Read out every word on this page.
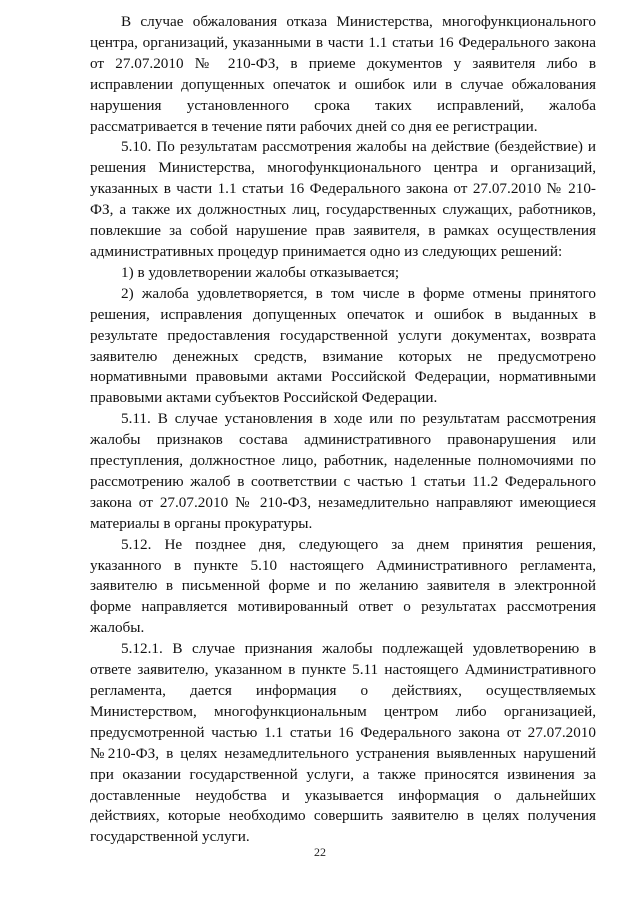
В случае обжалования отказа Министерства, многофункционального центра, организаций, указанными в части 1.1 статьи 16 Федерального закона от 27.07.2010 № 210-ФЗ, в приеме документов у заявителя либо в исправлении допущенных опечаток и ошибок или в случае обжалования нарушения установленного срока таких исправлений, жалоба рассматривается в течение пяти рабочих дней со дня ее регистрации.

5.10. По результатам рассмотрения жалобы на действие (бездействие) и решения Министерства, многофункционального центра и организаций, указанных в части 1.1 статьи 16 Федерального закона от 27.07.2010 № 210-ФЗ, а также их должностных лиц, государственных служащих, работников, повлекшие за собой нарушение прав заявителя, в рамках осуществления административных процедур принимается одно из следующих решений:

1) в удовлетворении жалобы отказывается;

2) жалоба удовлетворяется, в том числе в форме отмены принятого решения, исправления допущенных опечаток и ошибок в выданных в результате предоставления государственной услуги документах, возврата заявителю денежных средств, взимание которых не предусмотрено нормативными правовыми актами Российской Федерации, нормативными правовыми актами субъектов Российской Федерации.

5.11. В случае установления в ходе или по результатам рассмотрения жалобы признаков состава административного правонарушения или преступления, должностное лицо, работник, наделенные полномочиями по рассмотрению жалоб в соответствии с частью 1 статьи 11.2 Федерального закона от 27.07.2010 № 210-ФЗ, незамедлительно направляют имеющиеся материалы в органы прокуратуры.

5.12. Не позднее дня, следующего за днем принятия решения, указанного в пункте 5.10 настоящего Административного регламента, заявителю в письменной форме и по желанию заявителя в электронной форме направляется мотивированный ответ о результатах рассмотрения жалобы.

5.12.1. В случае признания жалобы подлежащей удовлетворению в ответе заявителю, указанном в пункте 5.11 настоящего Административного регламента, дается информация о действиях, осуществляемых Министерством, многофункциональным центром либо организацией, предусмотренной частью 1.1 статьи 16 Федерального закона от 27.07.2010 №210-ФЗ, в целях незамедлительного устранения выявленных нарушений при оказании государственной услуги, а также приносятся извинения за доставленные неудобства и указывается информация о дальнейших действиях, которые необходимо совершить заявителю в целях получения государственной услуги.

22
